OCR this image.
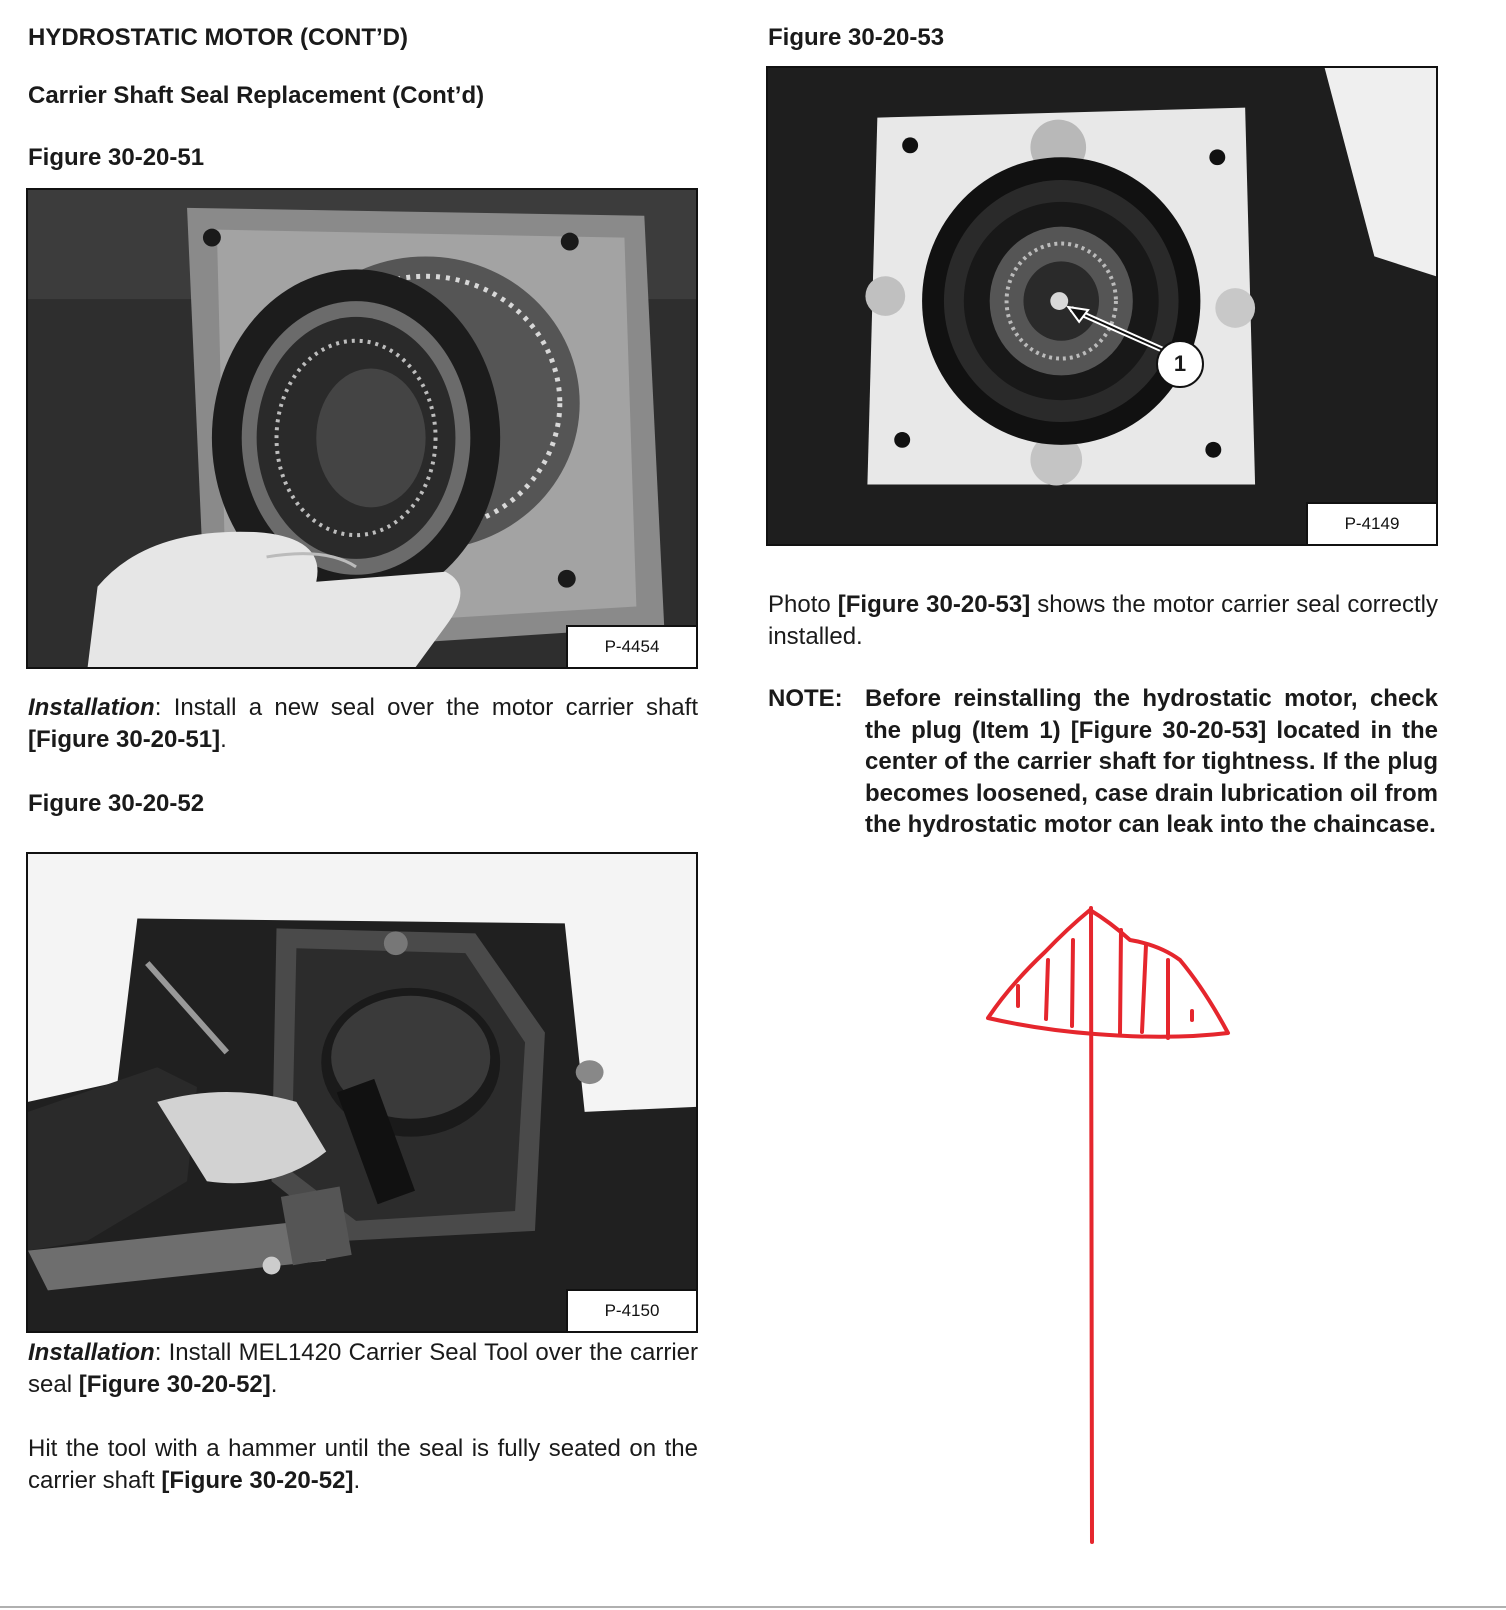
HYDROSTATIC MOTOR (CONT’D)
Carrier Shaft Seal Replacement (Cont’d)
Figure 30-20-51
P-4454

Installation: Install a new seal over the motor carrier shaft [Figure 30-20-51].

Figure 30-20-52
P-4150

Installation: Install MEL1420 Carrier Seal Tool over the carrier seal [Figure 30-20-52].

Hit the tool with a hammer until the seal is fully seated on the carrier shaft [Figure 30-20-52].

Figure 30-20-53
1
P-4149

Photo [Figure 30-20-53] shows the motor carrier seal correctly installed.

NOTE: Before reinstalling the hydrostatic motor, check the plug (Item 1) [Figure 30-20-53] located in the center of the carrier shaft for tightness. If the plug becomes loosened, case drain lubrication oil from the hydrostatic motor can leak into the chaincase.
